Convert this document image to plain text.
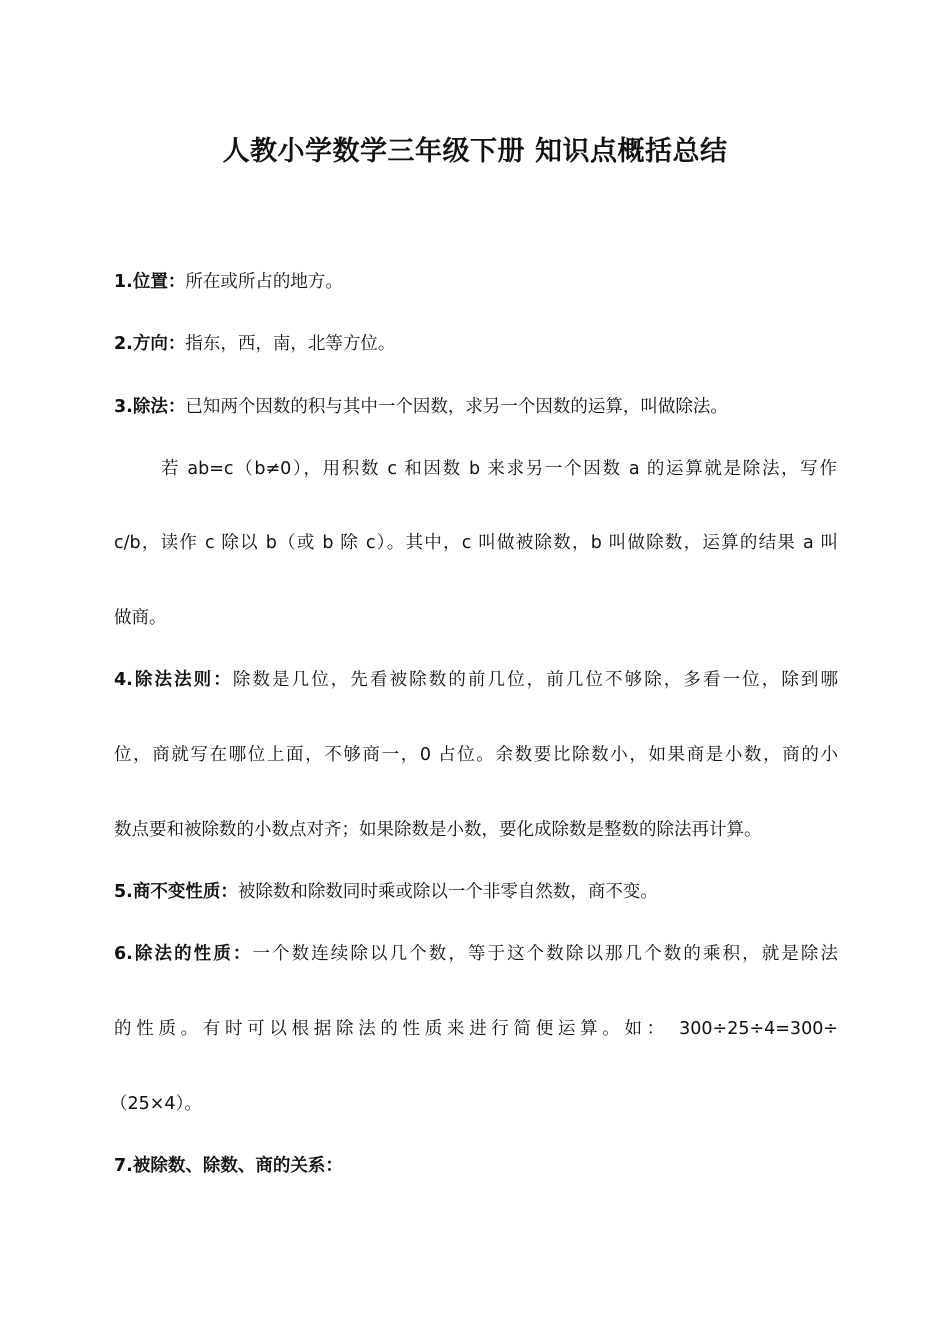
人教小学数学三年级下册 知识点概括总结
1.位置：所在或所占的地方。
2.方向：指东，西，南，北等方位。
3.除法：已知两个因数的积与其中一个因数，求另一个因数的运算，叫做除法。
若 ab=c（b≠0），用积数 c 和因数 b 来求另一个因数 a 的运算就是除法，写作
c/b，读作 c 除以 b（或 b 除 c）。其中，c 叫做被除数，b 叫做除数，运算的结果 a 叫
做商。
4.除法法则：除数是几位，先看被除数的前几位，前几位不够除，多看一位，除到哪
位，商就写在哪位上面，不够商一，0 占位。余数要比除数小，如果商是小数，商的小
数点要和被除数的小数点对齐；如果除数是小数，要化成除数是整数的除法再计算。
5.商不变性质：被除数和除数同时乘或除以一个非零自然数，商不变。
6.除法的性质：一个数连续除以几个数，等于这个数除以那几个数的乘积，就是除法
的性质。有时可以根据除法的性质来进行简便运算。如： 300÷25÷4=300÷
（25×4）。
7.被除数、除数、商的关系：
